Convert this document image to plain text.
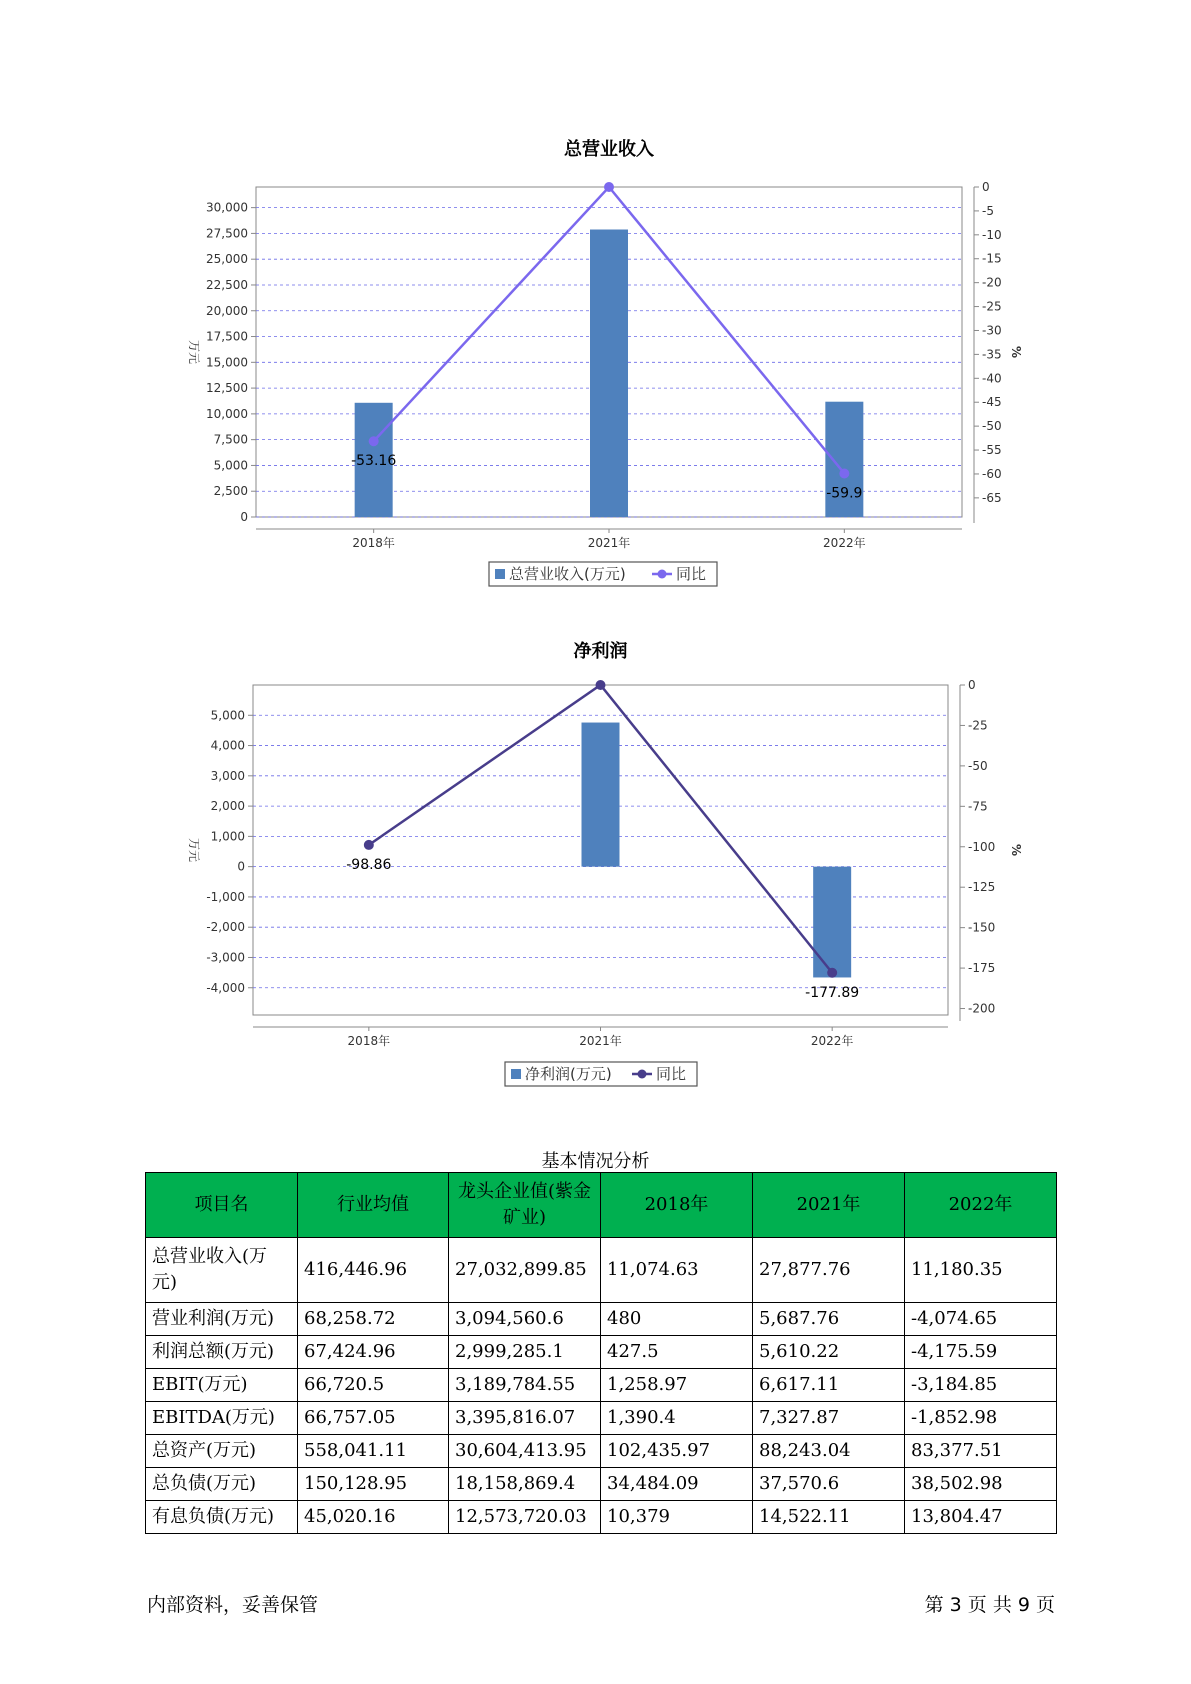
总营业收入
0
2,500
5,000
7,500
10,000
12,500
15,000
17,500
20,000
22,500
25,000
27,500
30,000
万元
0
-5
-10
-15
-20
-25
-30
-35
-40
-45
-50
-55
-60
-65
%
2018年	2021年	2022年
-53.16
-59.9
总营业收入(万元)	同比
净利润
-4,000
-3,000
-2,000
-1,000
0
1,000
2,000
3,000
4,000
5,000
万元
0
-25
-50
-75
-100
-125
-150
-175
-200
%
2018年	2021年	2022年
-98.86
-177.89
净利润(万元)	同比
基本情况分析
项目名	行业均值	龙头企业值(紫金矿业)	2018年	2021年	2022年
总营业收入(万元)	416,446.96	27,032,899.85	11,074.63	27,877.76	11,180.35
营业利润(万元)	68,258.72	3,094,560.6	480	5,687.76	-4,074.65
利润总额(万元)	67,424.96	2,999,285.1	427.5	5,610.22	-4,175.59
EBIT(万元)	66,720.5	3,189,784.55	1,258.97	6,617.11	-3,184.85
EBITDA(万元)	66,757.05	3,395,816.07	1,390.4	7,327.87	-1,852.98
总资产(万元)	558,041.11	30,604,413.95	102,435.97	88,243.04	83,377.51
总负债(万元)	150,128.95	18,158,869.4	34,484.09	37,570.6	38,502.98
有息负债(万元)	45,020.16	12,573,720.03	10,379	14,522.11	13,804.47
内部资料，妥善保管	第 3 页 共 9 页
